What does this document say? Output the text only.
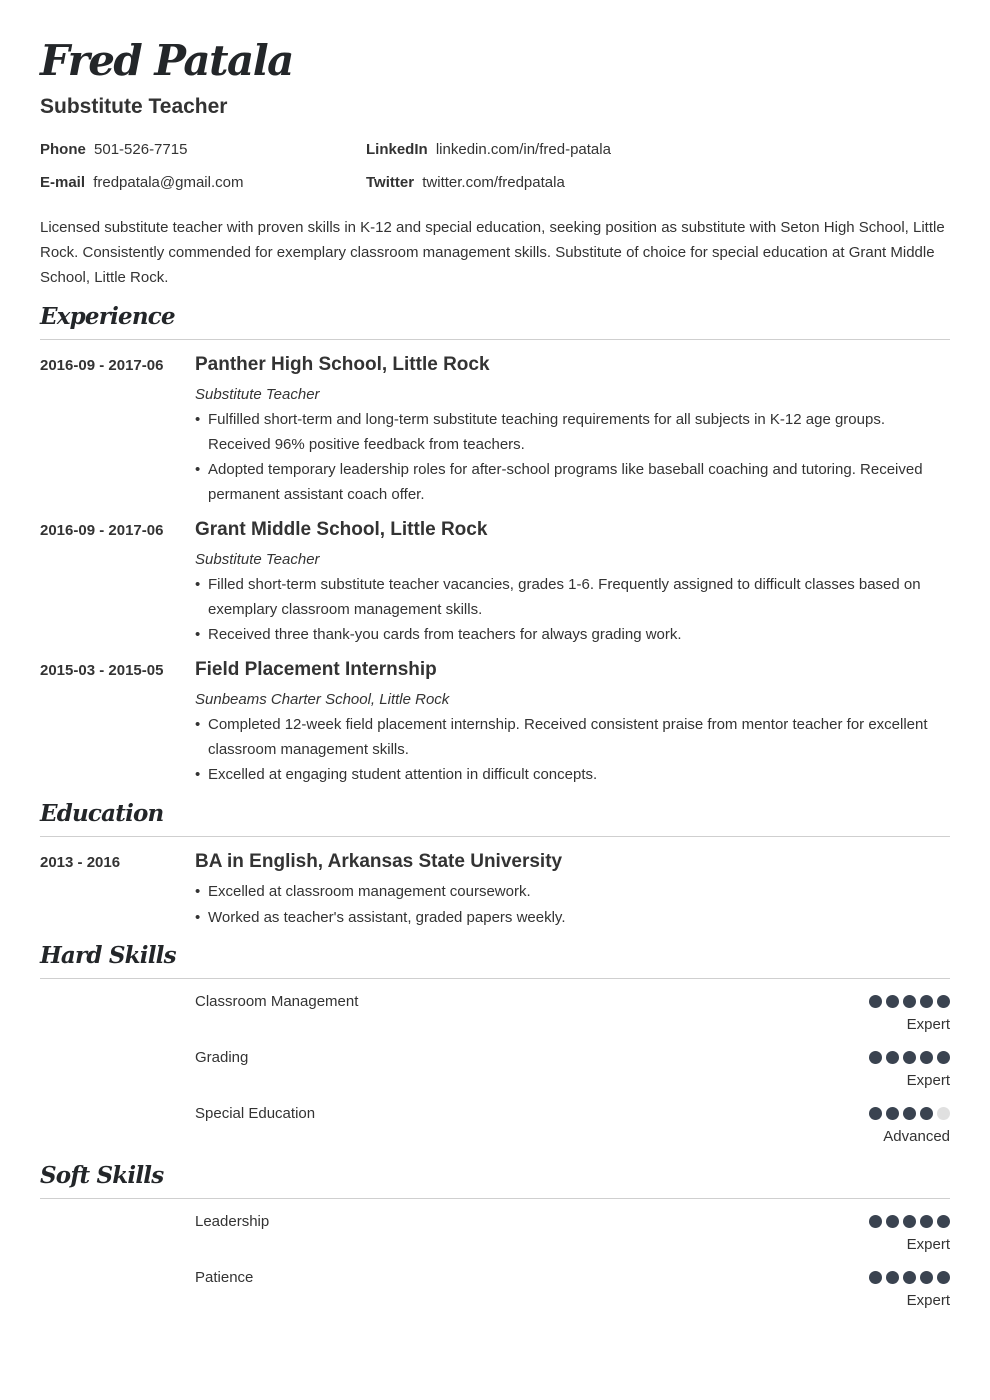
Fred Patala
Substitute Teacher
Phone 501-526-7715
E-mail fredpatala@gmail.com
LinkedIn linkedin.com/in/fred-patala
Twitter twitter.com/fredpatala

Licensed substitute teacher with proven skills in K-12 and special education, seeking position as substitute with Seton High School, Little Rock. Consistently commended for exemplary classroom management skills. Substitute of choice for special education at Grant Middle School, Little Rock.

Experience
2016-09 - 2017-06 Panther High School, Little Rock
Substitute Teacher
• Fulfilled short-term and long-term substitute teaching requirements for all subjects in K-12 age groups. Received 96% positive feedback from teachers.
• Adopted temporary leadership roles for after-school programs like baseball coaching and tutoring. Received permanent assistant coach offer.
2016-09 - 2017-06 Grant Middle School, Little Rock
Substitute Teacher
• Filled short-term substitute teacher vacancies, grades 1-6. Frequently assigned to difficult classes based on exemplary classroom management skills.
• Received three thank-you cards from teachers for always grading work.
2015-03 - 2015-05 Field Placement Internship
Sunbeams Charter School, Little Rock
• Completed 12-week field placement internship. Received consistent praise from mentor teacher for excellent classroom management skills.
• Excelled at engaging student attention in difficult concepts.
Education
2013 - 2016	BA in English, Arkansas State University
• Excelled at classroom management coursework.
• Worked as teacher's assistant, graded papers weekly.
Hard Skills
Classroom Management
Expert
Grading
Expert
Special Education
Advanced
Soft Skills
Leadership
Expert
Patience
Expert
